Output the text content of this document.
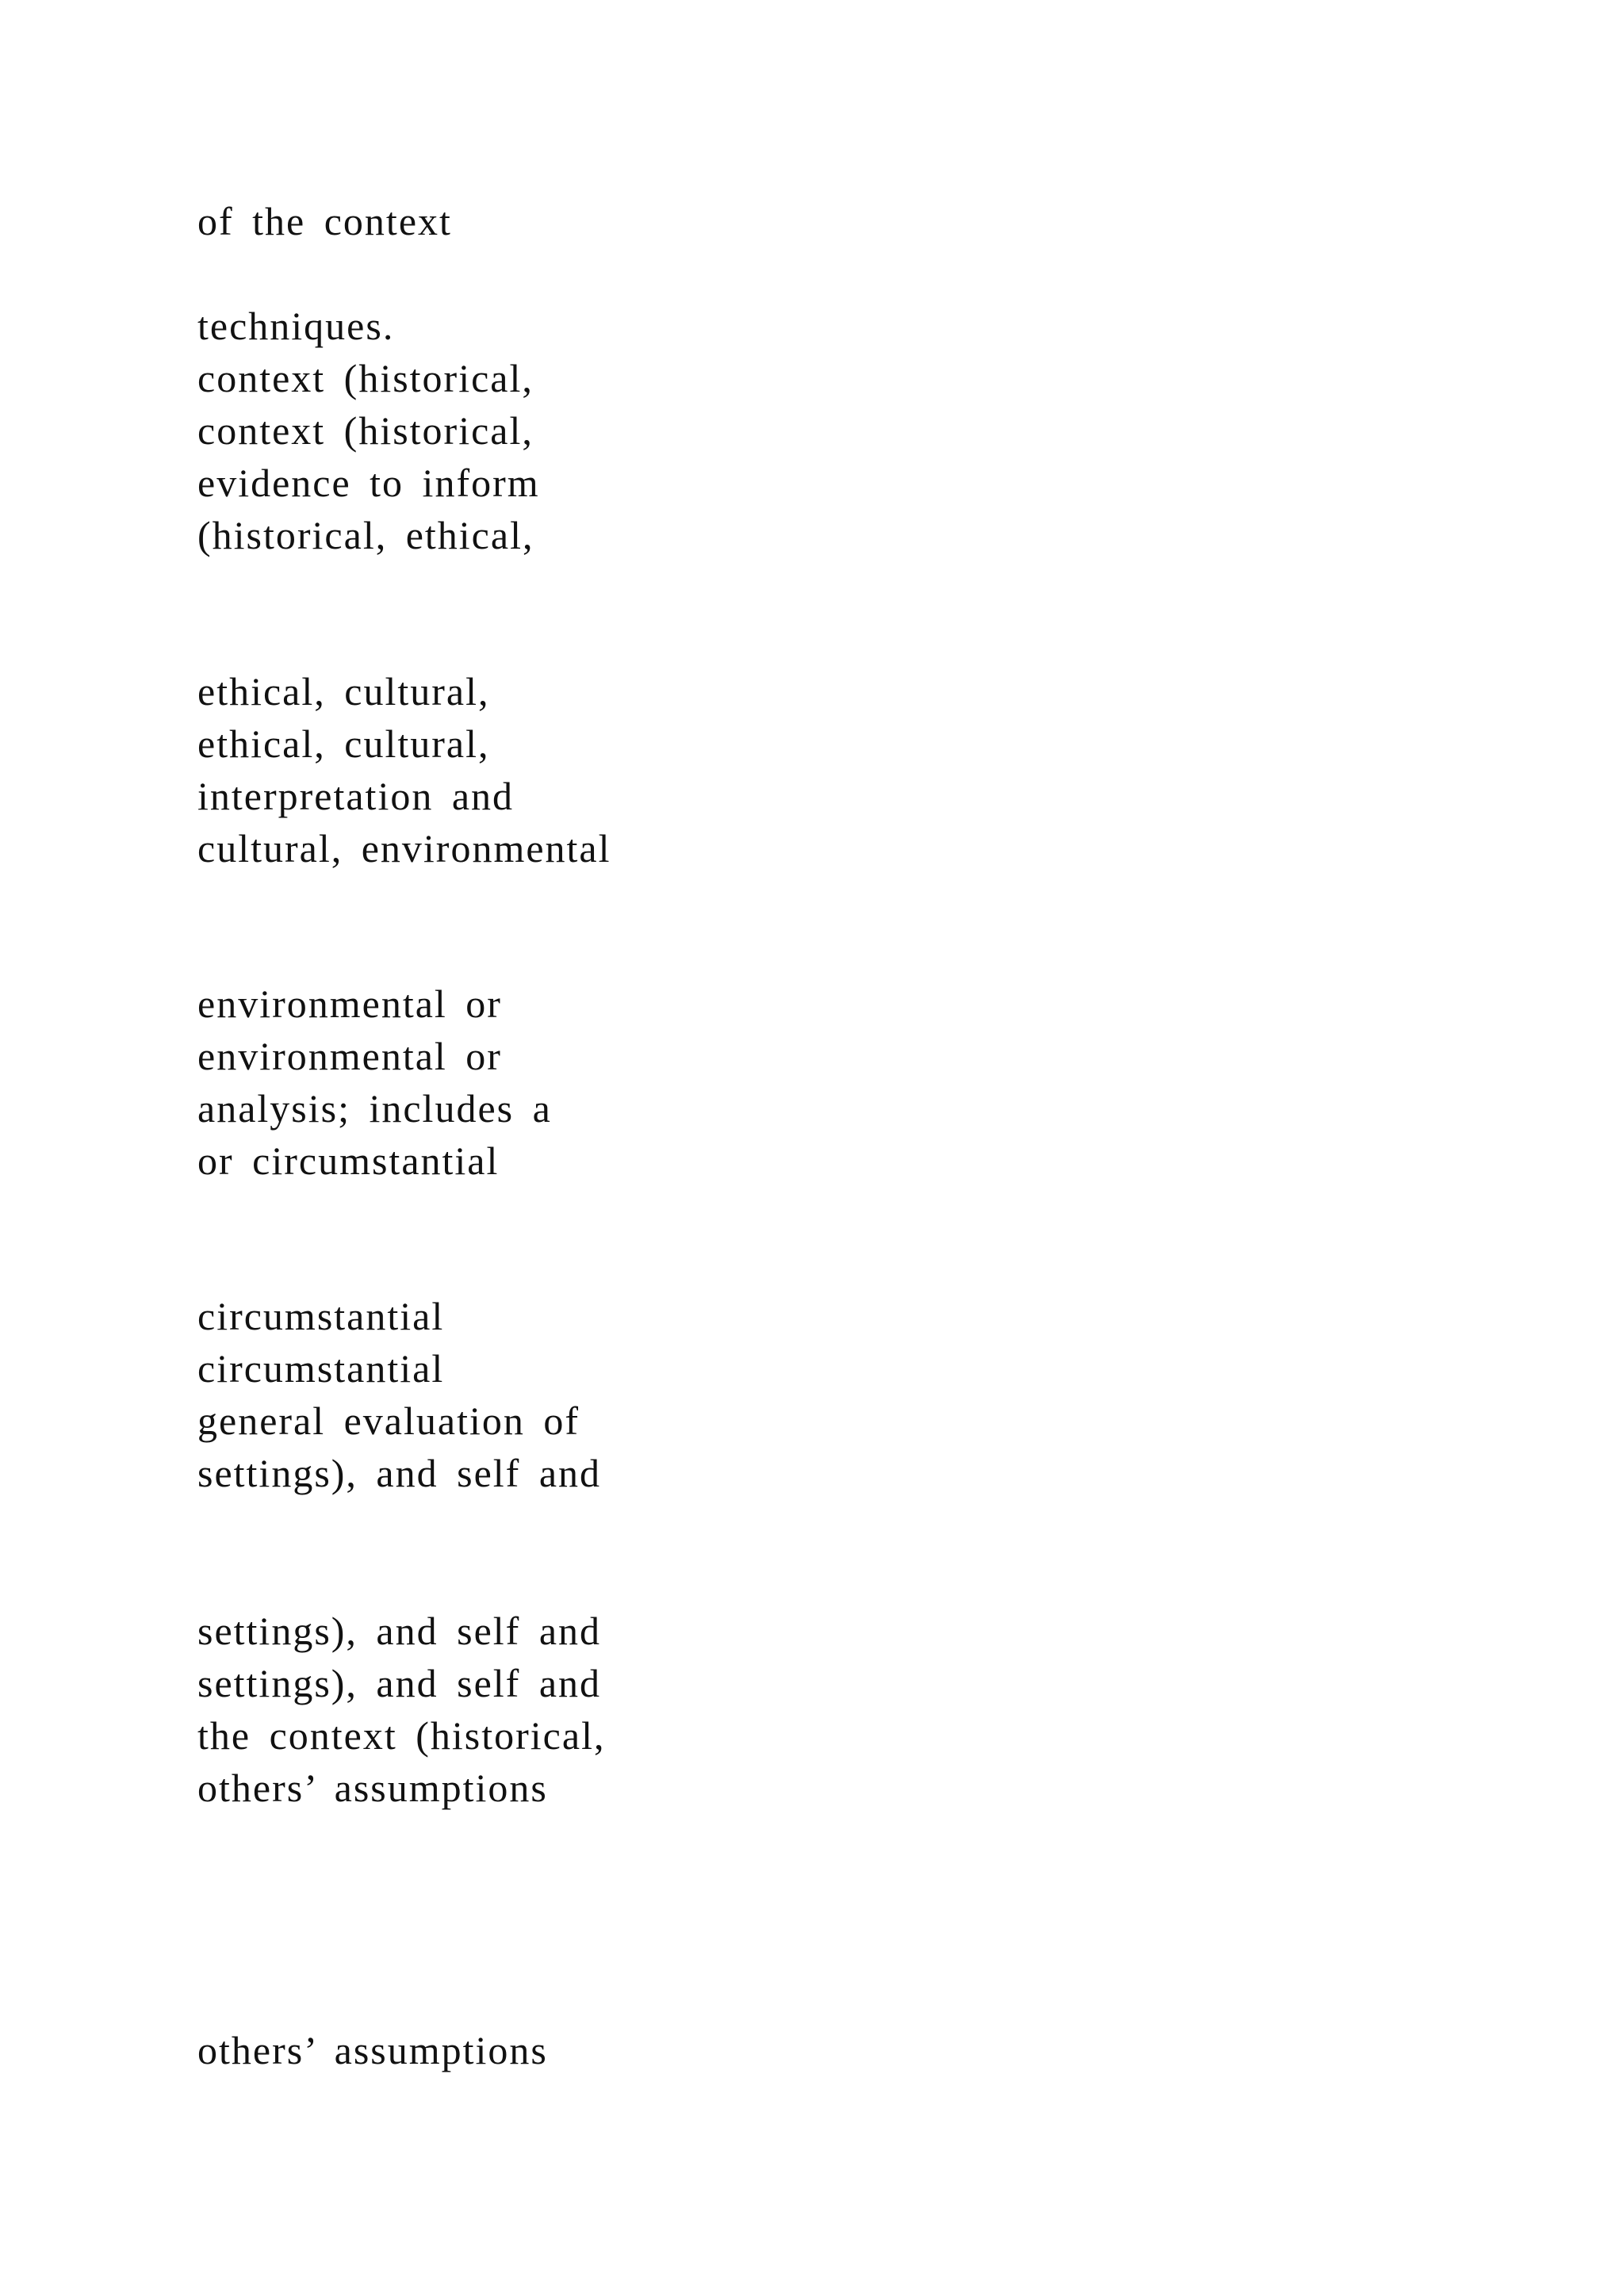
of the context

techniques.

context (historical,

context (historical,

evidence to inform

(historical, ethical,

ethical, cultural,

ethical, cultural,

interpretation and

cultural, environmental

environmental or

environmental or

analysis; includes a

or circumstantial

circumstantial

circumstantial

general evaluation of

settings), and self and

settings), and self and

settings), and self and

the context (historical,

others’ assumptions

others’ assumptions
